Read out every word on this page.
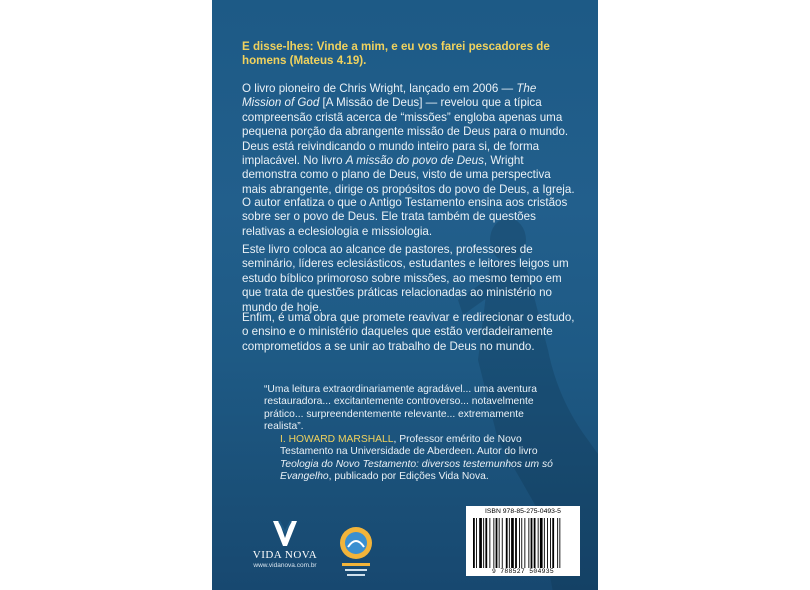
E disse-lhes: Vinde a mim, e eu vos farei pescadores de homens (Mateus 4.19).

O livro pioneiro de Chris Wright, lançado em 2006 — The Mission of God [A Missão de Deus] — revelou que a típica compreensão cristã acerca de “missões” engloba apenas uma pequena porção da abrangente missão de Deus para o mundo. Deus está reivindicando o mundo inteiro para si, de forma implacável. No livro A missão do povo de Deus, Wright demonstra como o plano de Deus, visto de uma perspectiva mais abrangente, dirige os propósitos do povo de Deus, a Igreja.

O autor enfatiza o que o Antigo Testamento ensina aos cristãos sobre ser o povo de Deus. Ele trata também de questões relativas a eclesiologia e missiologia.

Este livro coloca ao alcance de pastores, professores de seminário, líderes eclesiásticos, estudantes e leitores leigos um estudo bíblico primoroso sobre missões, ao mesmo tempo em que trata de questões práticas relacionadas ao ministério no mundo de hoje.

Enfim, é uma obra que promete reavivar e redirecionar o estudo, o ensino e o ministério daqueles que estão verdadeiramente comprometidos a se unir ao trabalho de Deus no mundo.

“Uma leitura extraordinariamente agradável... uma aventura restauradora... excitantemente controverso... notavelmente prático... surpreendentemente relevante... extremamente realista”.

I. HOWARD MARSHALL, Professor emérito de Novo Testamento na Universidade de Aberdeen. Autor do livro Teologia do Novo Testamento: diversos testemunhos um só Evangelho, publicado por Edições Vida Nova.

VIDA NOVA
www.vidanova.com.br
ISBN 978-85-275-0493-5
9 788527 504935
